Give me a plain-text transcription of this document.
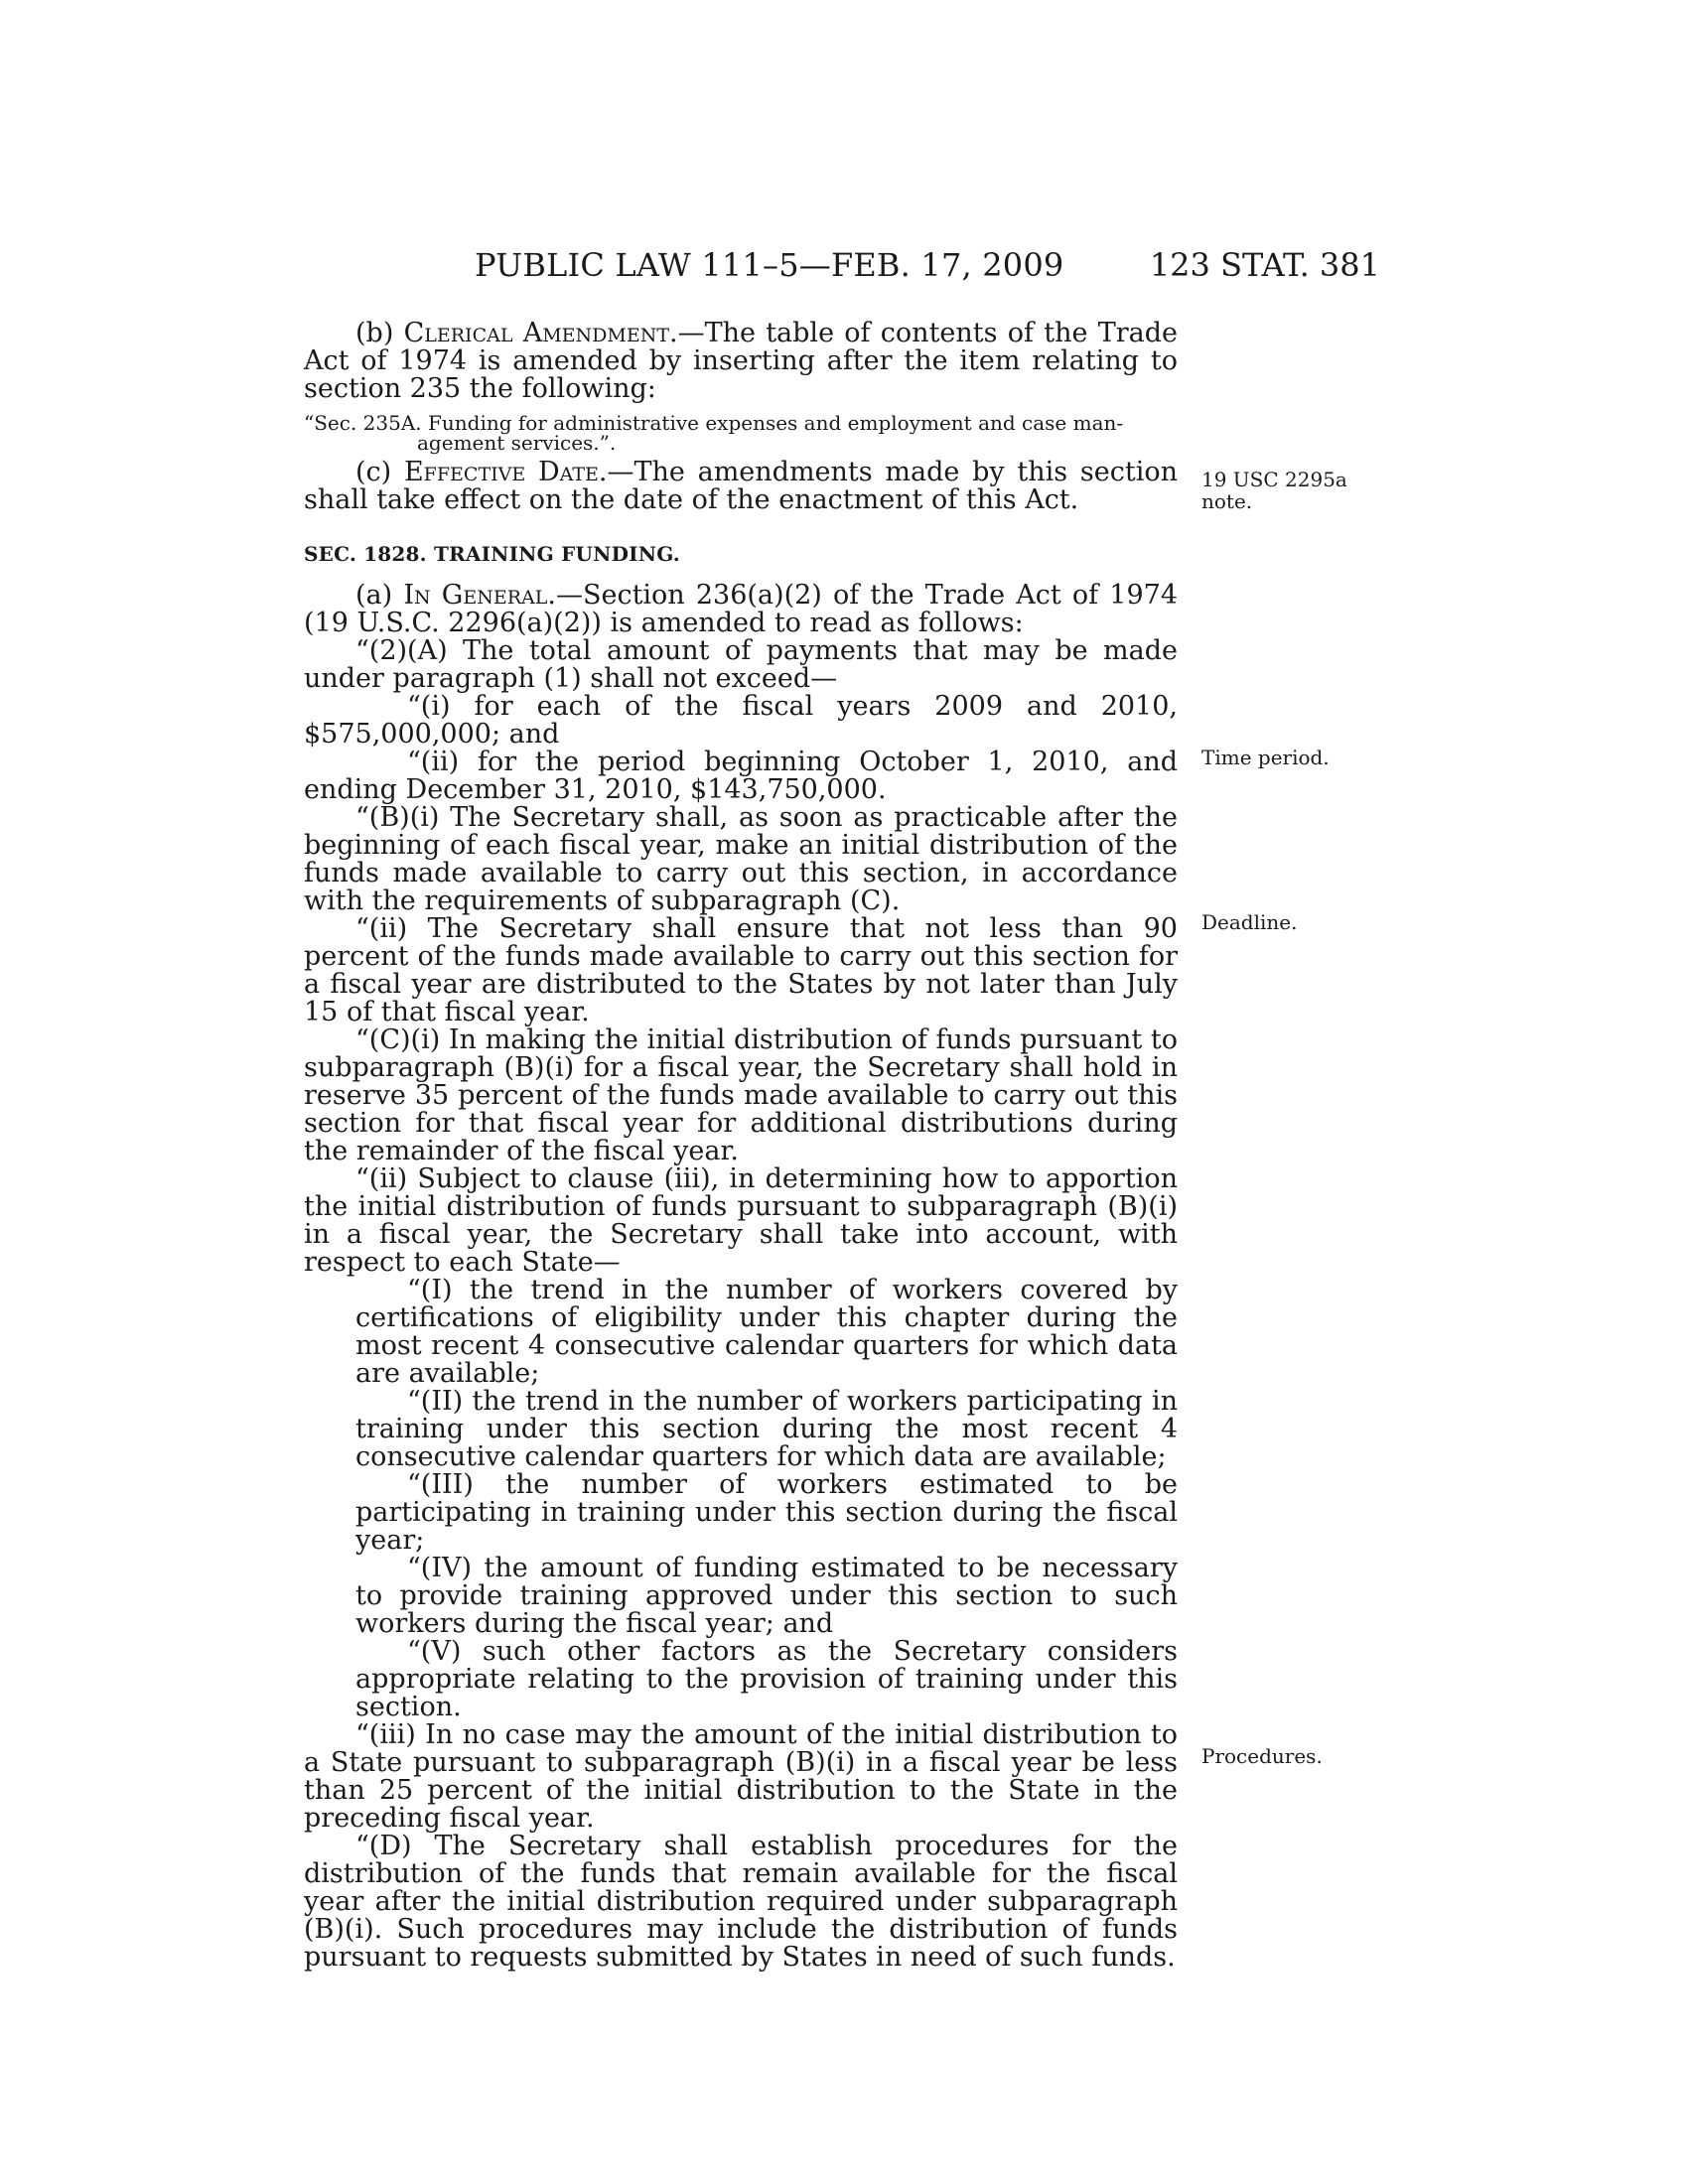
PUBLIC LAW 111–5—FEB. 17, 2009	123 STAT. 381

(b) Clerical Amendment.—The table of contents of the Trade Act of 1974 is amended by inserting after the item relating to section 235 the following:

“Sec. 235A. Funding for administrative expenses and employment and case man-
agement services.”.

(c) Effective Date.—The amendments made by this section shall take effect on the date of the enactment of this Act.

SEC. 1828. TRAINING FUNDING.

(a) In General.—Section 236(a)(2) of the Trade Act of 1974 (19 U.S.C. 2296(a)(2)) is amended to read as follows:

“(2)(A) The total amount of payments that may be made under paragraph (1) shall not exceed—

“(i) for each of the fiscal years 2009 and 2010, $575,000,000; and

“(ii) for the period beginning October 1, 2010, and ending December 31, 2010, $143,750,000.

“(B)(i) The Secretary shall, as soon as practicable after the beginning of each fiscal year, make an initial distribution of the funds made available to carry out this section, in accordance with the requirements of subparagraph (C).

“(ii) The Secretary shall ensure that not less than 90 percent of the funds made available to carry out this section for a fiscal year are distributed to the States by not later than July 15 of that fiscal year.

“(C)(i) In making the initial distribution of funds pursuant to subparagraph (B)(i) for a fiscal year, the Secretary shall hold in reserve 35 percent of the funds made available to carry out this section for that fiscal year for additional distributions during the remainder of the fiscal year.

“(ii) Subject to clause (iii), in determining how to apportion the initial distribution of funds pursuant to subparagraph (B)(i) in a fiscal year, the Secretary shall take into account, with respect to each State—

“(I) the trend in the number of workers covered by certifications of eligibility under this chapter during the most recent 4 consecutive calendar quarters for which data are available;

“(II) the trend in the number of workers participating in training under this section during the most recent 4 consecutive calendar quarters for which data are available;

“(III) the number of workers estimated to be participating in training under this section during the fiscal year;

“(IV) the amount of funding estimated to be necessary to provide training approved under this section to such workers during the fiscal year; and

“(V) such other factors as the Secretary considers appropriate relating to the provision of training under this section.

“(iii) In no case may the amount of the initial distribution to a State pursuant to subparagraph (B)(i) in a fiscal year be less than 25 percent of the initial distribution to the State in the preceding fiscal year.

“(D) The Secretary shall establish procedures for the distribution of the funds that remain available for the fiscal year after the initial distribution required under subparagraph (B)(i). Such procedures may include the distribution of funds pursuant to requests submitted by States in need of such funds.

19 USC 2295a
note.
Time period.
Deadline.
Procedures.
